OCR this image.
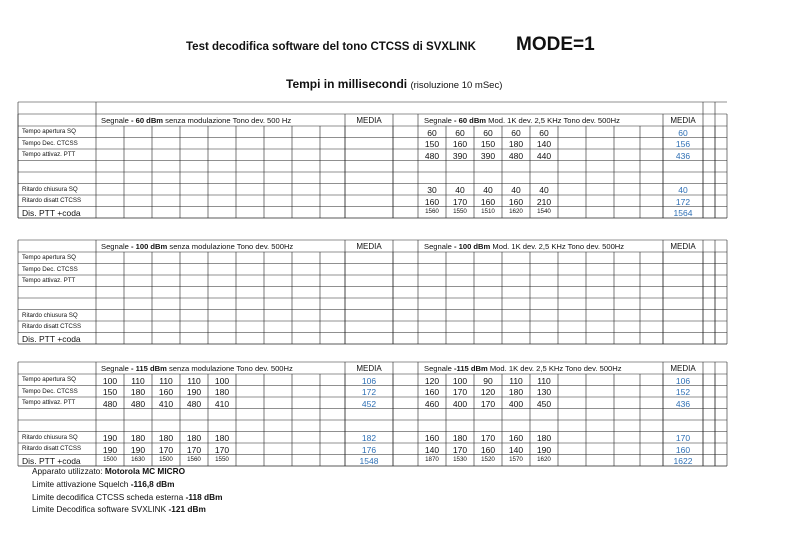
Test decodifica software del tono CTCSS di SVXLINK MODE=1
Tempi in millisecondi (risoluzione 10 mSec)
Segnale - 60 dBm senza modulazione Tono dev. 500 Hz	Segnale - 60 dBm Mod. 1K dev. 2,5 KHz Tono dev. 500Hz
MEDIA	MEDIA
Tempo apertura SQ	60	60	60	60	60	60
Tempo Dec. CTCSS	150	160	150	180	140	156
Tempo attivaz. PTT	480	390	390	480	440	436
Ritardo chiusura SQ	30	40	40	40	40	40
Ritardo disatt CTCSS	160	170	160	160	210	172
Dis. PTT +coda	1560	1550	1510	1620	1540	1564
Segnale - 100 dBm senza modulazione Tono dev. 500Hz	Segnale - 100 dBm Mod. 1K dev. 2,5 KHz Tono dev. 500Hz
MEDIA	MEDIA
Tempo apertura SQ
Tempo Dec. CTCSS
Tempo attivaz. PTT
Ritardo chiusura SQ
Ritardo disatt CTCSS
Dis. PTT +coda
Segnale - 115 dBm senza modulazione Tono dev. 500Hz	Segnale -115 dBm Mod. 1K dev. 2,5 KHz Tono dev. 500Hz
MEDIA	MEDIA
Tempo apertura SQ	100	110	110	110	100	106	120	100	90	110	110	106
Tempo Dec. CTCSS	150	180	160	190	180	172	160	170	120	180	130	152
Tempo attivaz. PTT	480	480	410	480	410	452	460	400	170	400	450	436
Ritardo chiusura SQ	190	180	180	180	180	182	160	180	170	160	180	170
Ritardo disatt CTCSS	190	190	170	170	170	176	140	170	160	140	190	160
Dis. PTT +coda	1500	1630	1500	1560	1550	1548	1870	1530	1520	1570	1620	1622
Apparato utilizzato: Motorola MC MICRO
Limite attivazione Squelch -116,8 dBm
Limite decodifica CTCSS scheda esterna -118 dBm
Limite Decodifica software SVXLINK -121 dBm
